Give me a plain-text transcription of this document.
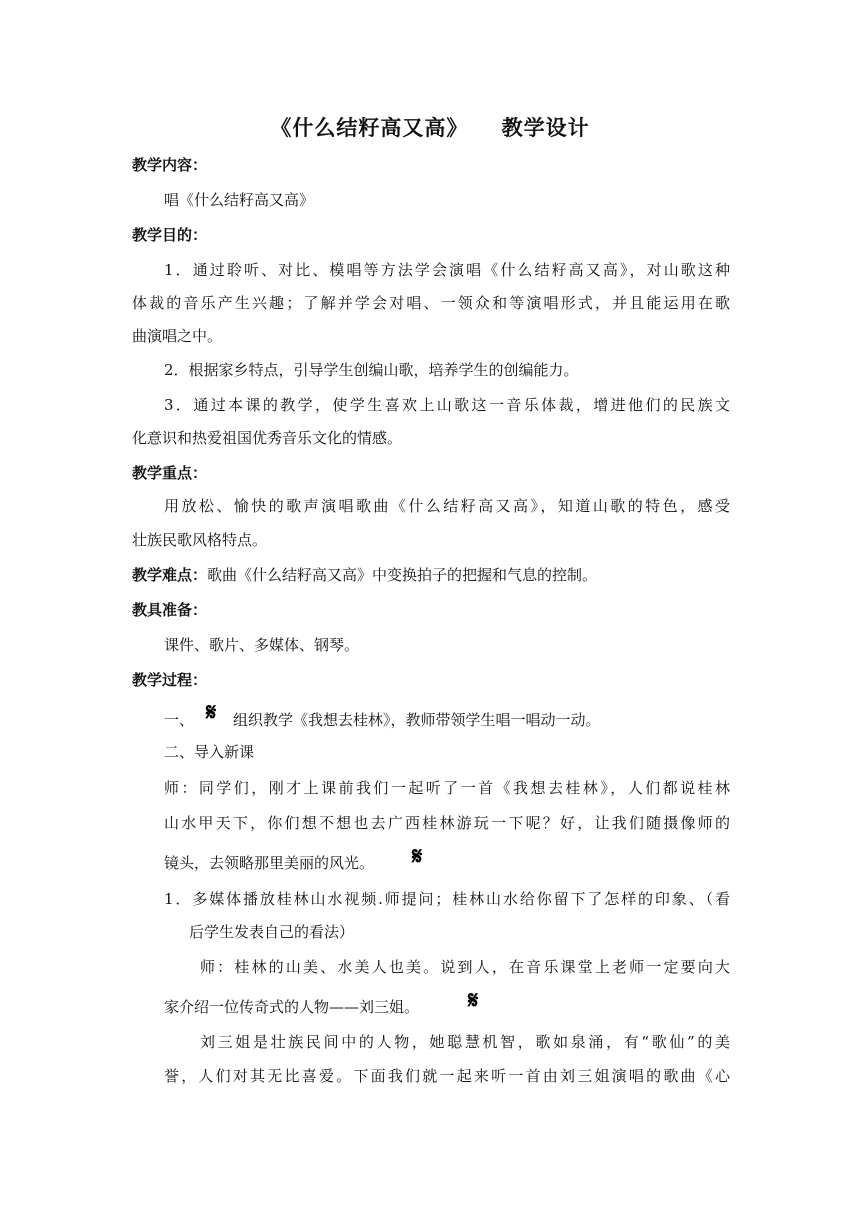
《什么结籽高又高》    教学设计
教学内容：
唱《什么结籽高又高》
教学目的：
1．通过聆听、对比、模唱等方法学会演唱《什么结籽高又高》，对山歌这种
体裁的音乐产生兴趣；了解并学会对唱、一领众和等演唱形式，并且能运用在歌
曲演唱之中。
2．根据家乡特点，引导学生创编山歌，培养学生的创编能力。
3．通过本课的教学，使学生喜欢上山歌这一音乐体裁，增进他们的民族文
化意识和热爱祖国优秀音乐文化的情感。
教学重点：
用放松、愉快的歌声演唱歌曲《什么结籽高又高》，知道山歌的特色，感受
壮族民歌风格特点。
教学难点：歌曲《什么结籽高又高》中变换拍子的把握和气息的控制。
教具准备：
课件、歌片、多媒体、钢琴。
教学过程：
一、 𝄋 组织教学《我想去桂林》，教师带领学生唱一唱动一动。
二、导入新课
师：同学们，刚才上课前我们一起听了一首《我想去桂林》，人们都说桂林
山水甲天下，你们想不想也去广西桂林游玩一下呢？好，让我们随摄像师的
镜头，去领略那里美丽的风光。 𝄋
1．多媒体播放桂林山水视频.师提问；桂林山水给你留下了怎样的印象、（看
后学生发表自己的看法）
师：桂林的山美、水美人也美。说到人，在音乐课堂上老师一定要向大
家介绍一位传奇式的人物——刘三姐。 𝄋
刘三姐是壮族民间中的人物，她聪慧机智，歌如泉涌，有“歌仙”的美
誉，人们对其无比喜爱。下面我们就一起来听一首由刘三姐演唱的歌曲《心
